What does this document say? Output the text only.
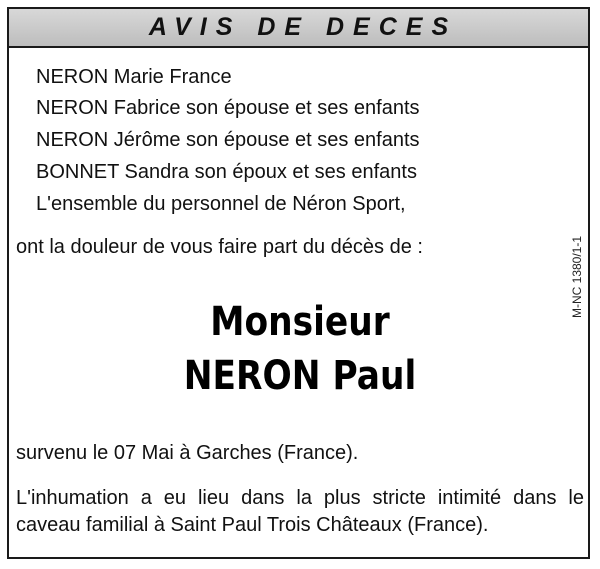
AVIS DE DECES
NERON Marie France
NERON Fabrice son épouse et ses enfants
NERON Jérôme son épouse et ses enfants
BONNET Sandra son époux et ses enfants
L'ensemble du personnel de Néron Sport,
ont la douleur de vous faire part du décès de :
Monsieur
NERON Paul
M-NC 1380/1-1
survenu le 07 Mai à Garches (France).
L'inhumation a eu lieu dans la plus stricte intimité dans le caveau familial à Saint Paul Trois Châteaux (France).
